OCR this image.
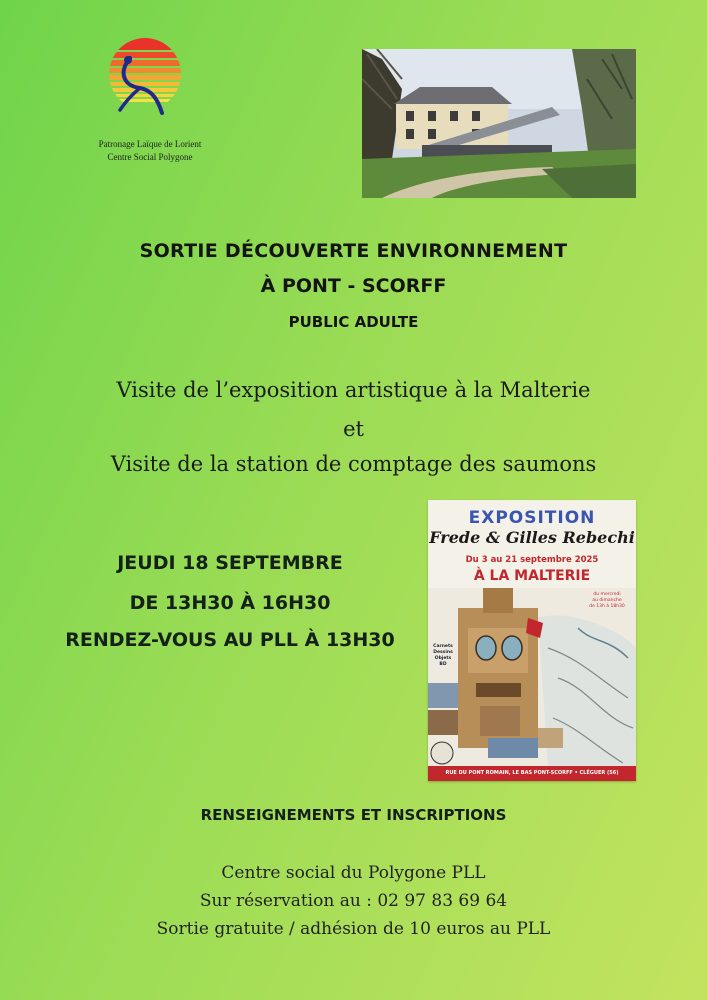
Patronage Laïque de Lorient
Centre Social Polygone
SORTIE DÉCOUVERTE ENVIRONNEMENT
À PONT - SCORFF
PUBLIC ADULTE
Visite de l’exposition artistique à la Malterie
et
Visite de la station de comptage des saumons
JEUDI 18 SEPTEMBRE
DE 13H30 À 16H30
RENDEZ-VOUS AU PLL À 13H30
EXPOSITION
Frede & Gilles Rebechi
Du 3 au 21 septembre 2025
À LA MALTERIE
du mercredi
au dimanche
de 13h à 18h30
Carnets
Dessins
Objets
BD
RUE DU PONT ROMAIN, LE BAS PONT-SCORFF • CLÉGUER (56)
RENSEIGNEMENTS ET INSCRIPTIONS
Centre social du Polygone PLL
Sur réservation au : 02 97 83 69 64
Sortie gratuite / adhésion de 10 euros au PLL
